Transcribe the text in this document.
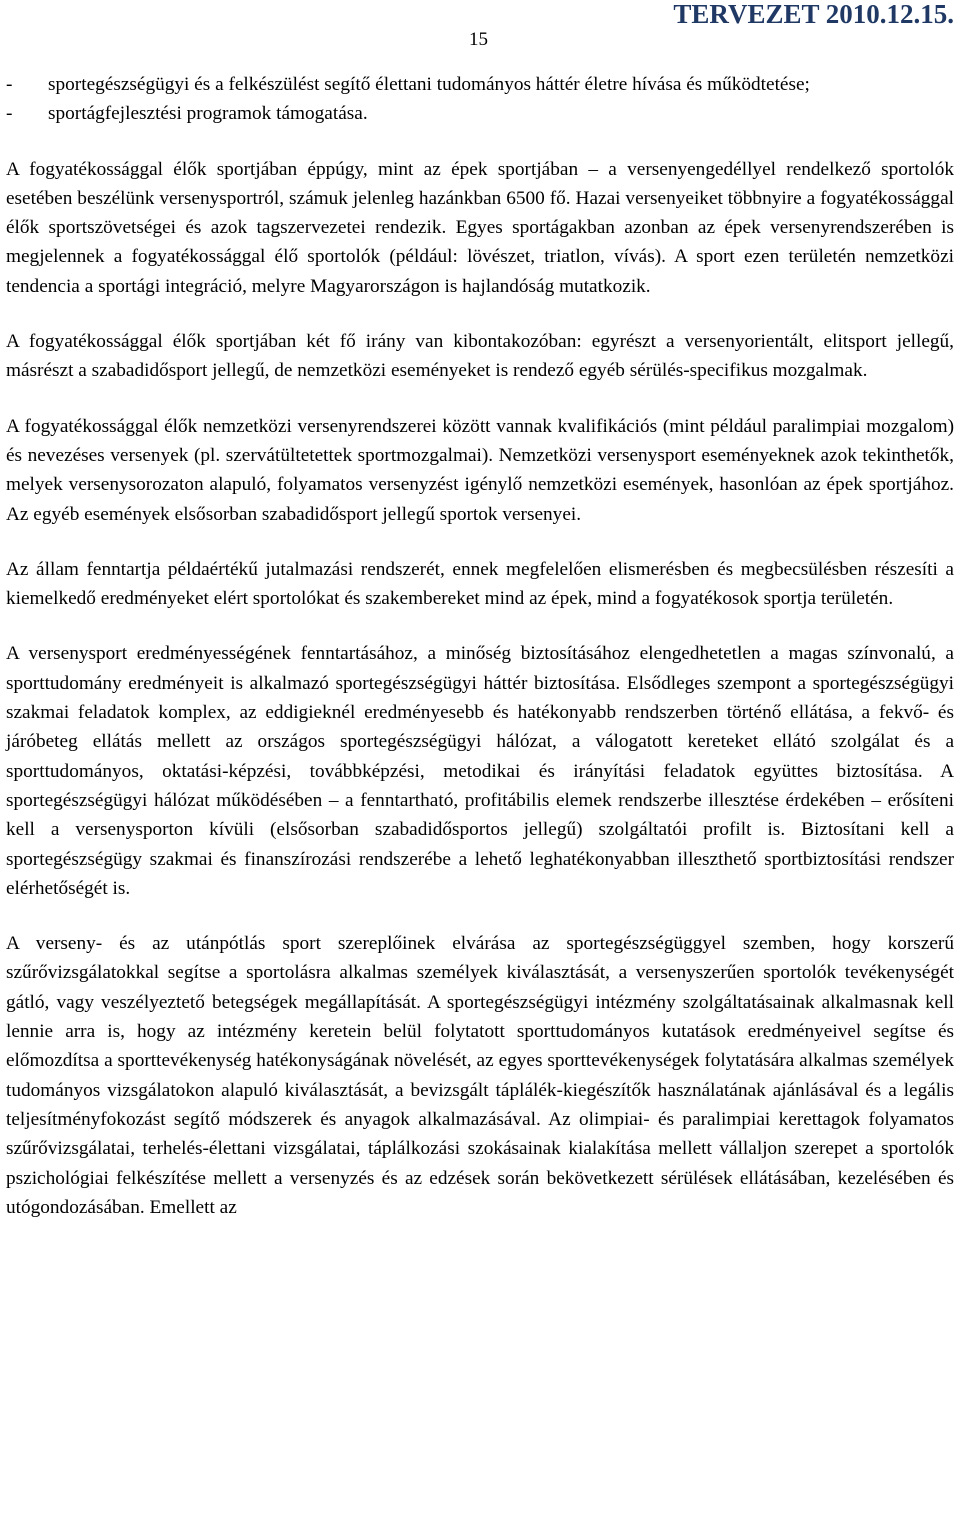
15
TERVEZET 2010.12.15.
-	sportegészségügyi és a felkészülést segítő élettani tudományos háttér életre hívása és működtetése;
-	sportágfejlesztési programok támogatása.

A fogyatékossággal élők sportjában éppúgy, mint az épek sportjában – a versenyengedéllyel rendelkező sportolók esetében beszélünk versenysportról, számuk jelenleg hazánkban 6500 fő. Hazai versenyeiket többnyire a fogyatékossággal élők sportszövetségei és azok tagszervezetei rendezik. Egyes sportágakban azonban az épek versenyrendszerében is megjelennek a fogyatékossággal élő sportolók (például: lövészet, triatlon, vívás). A sport ezen területén nemzetközi tendencia a sportági integráció, melyre Magyarországon is hajlandóság mutatkozik.

A fogyatékossággal élők sportjában két fő irány van kibontakozóban: egyrészt a versenyorientált, elitsport jellegű, másrészt a szabadidősport jellegű, de nemzetközi eseményeket is rendező egyéb sérülés-specifikus mozgalmak.

A fogyatékossággal élők nemzetközi versenyrendszerei között vannak kvalifikációs (mint például paralimpiai mozgalom) és nevezéses versenyek (pl. szervátültetettek sportmozgalmai). Nemzetközi versenysport eseményeknek azok tekinthetők, melyek versenysorozaton alapuló, folyamatos versenyzést igénylő nemzetközi események, hasonlóan az épek sportjához. Az egyéb események elsősorban szabadidősport jellegű sportok versenyei.

Az állam fenntartja példaértékű jutalmazási rendszerét, ennek megfelelően elismerésben és megbecsülésben részesíti a kiemelkedő eredményeket elért sportolókat és szakembereket mind az épek, mind a fogyatékosok sportja területén.

A versenysport eredményességének fenntartásához, a minőség biztosításához elengedhetetlen a magas színvonalú, a sporttudomány eredményeit is alkalmazó sportegészségügyi háttér biztosítása. Elsődleges szempont a sportegészségügyi szakmai feladatok komplex, az eddigieknél eredményesebb és hatékonyabb rendszerben történő ellátása, a fekvő- és járóbeteg ellátás mellett az országos sportegészségügyi hálózat, a válogatott kereteket ellátó szolgálat és a sporttudományos, oktatási-képzési, továbbképzési, metodikai és irányítási feladatok együttes biztosítása. A sportegészségügyi hálózat működésében – a fenntartható, profitábilis elemek rendszerbe illesztése érdekében – erősíteni kell a versenysporton kívüli (elsősorban szabadidősportos jellegű) szolgáltatói profilt is. Biztosítani kell a sportegészségügy szakmai és finanszírozási rendszerébe a lehető leghatékonyabban illeszthető sportbiztosítási rendszer elérhetőségét is.

A verseny- és az utánpótlás sport szereplőinek elvárása az sportegészségüggyel szemben, hogy korszerű szűrővizsgálatokkal segítse a sportolásra alkalmas személyek kiválasztását, a versenyszerűen sportolók tevékenységét gátló, vagy veszélyeztető betegségek megállapítását. A sportegészségügyi intézmény szolgáltatásainak alkalmasnak kell lennie arra is, hogy az intézmény keretein belül folytatott sporttudományos kutatások eredményeivel segítse és előmozdítsa a sporttevékenység hatékonyságának növelését, az egyes sporttevékenységek folytatására alkalmas személyek tudományos vizsgálatokon alapuló kiválasztását, a bevizsgált táplálék-kiegészítők használatának ajánlásával és a legális teljesítményfokozást segítő módszerek és anyagok alkalmazásával. Az olimpiai- és paralimpiai kerettagok folyamatos szűrővizsgálatai, terhelés-élettani vizsgálatai, táplálkozási szokásainak kialakítása mellett vállaljon szerepet a sportolók pszichológiai felkészítése mellett a versenyzés és az edzések során bekövetkezett sérülések ellátásában, kezelésében és utógondozásában. Emellett az
